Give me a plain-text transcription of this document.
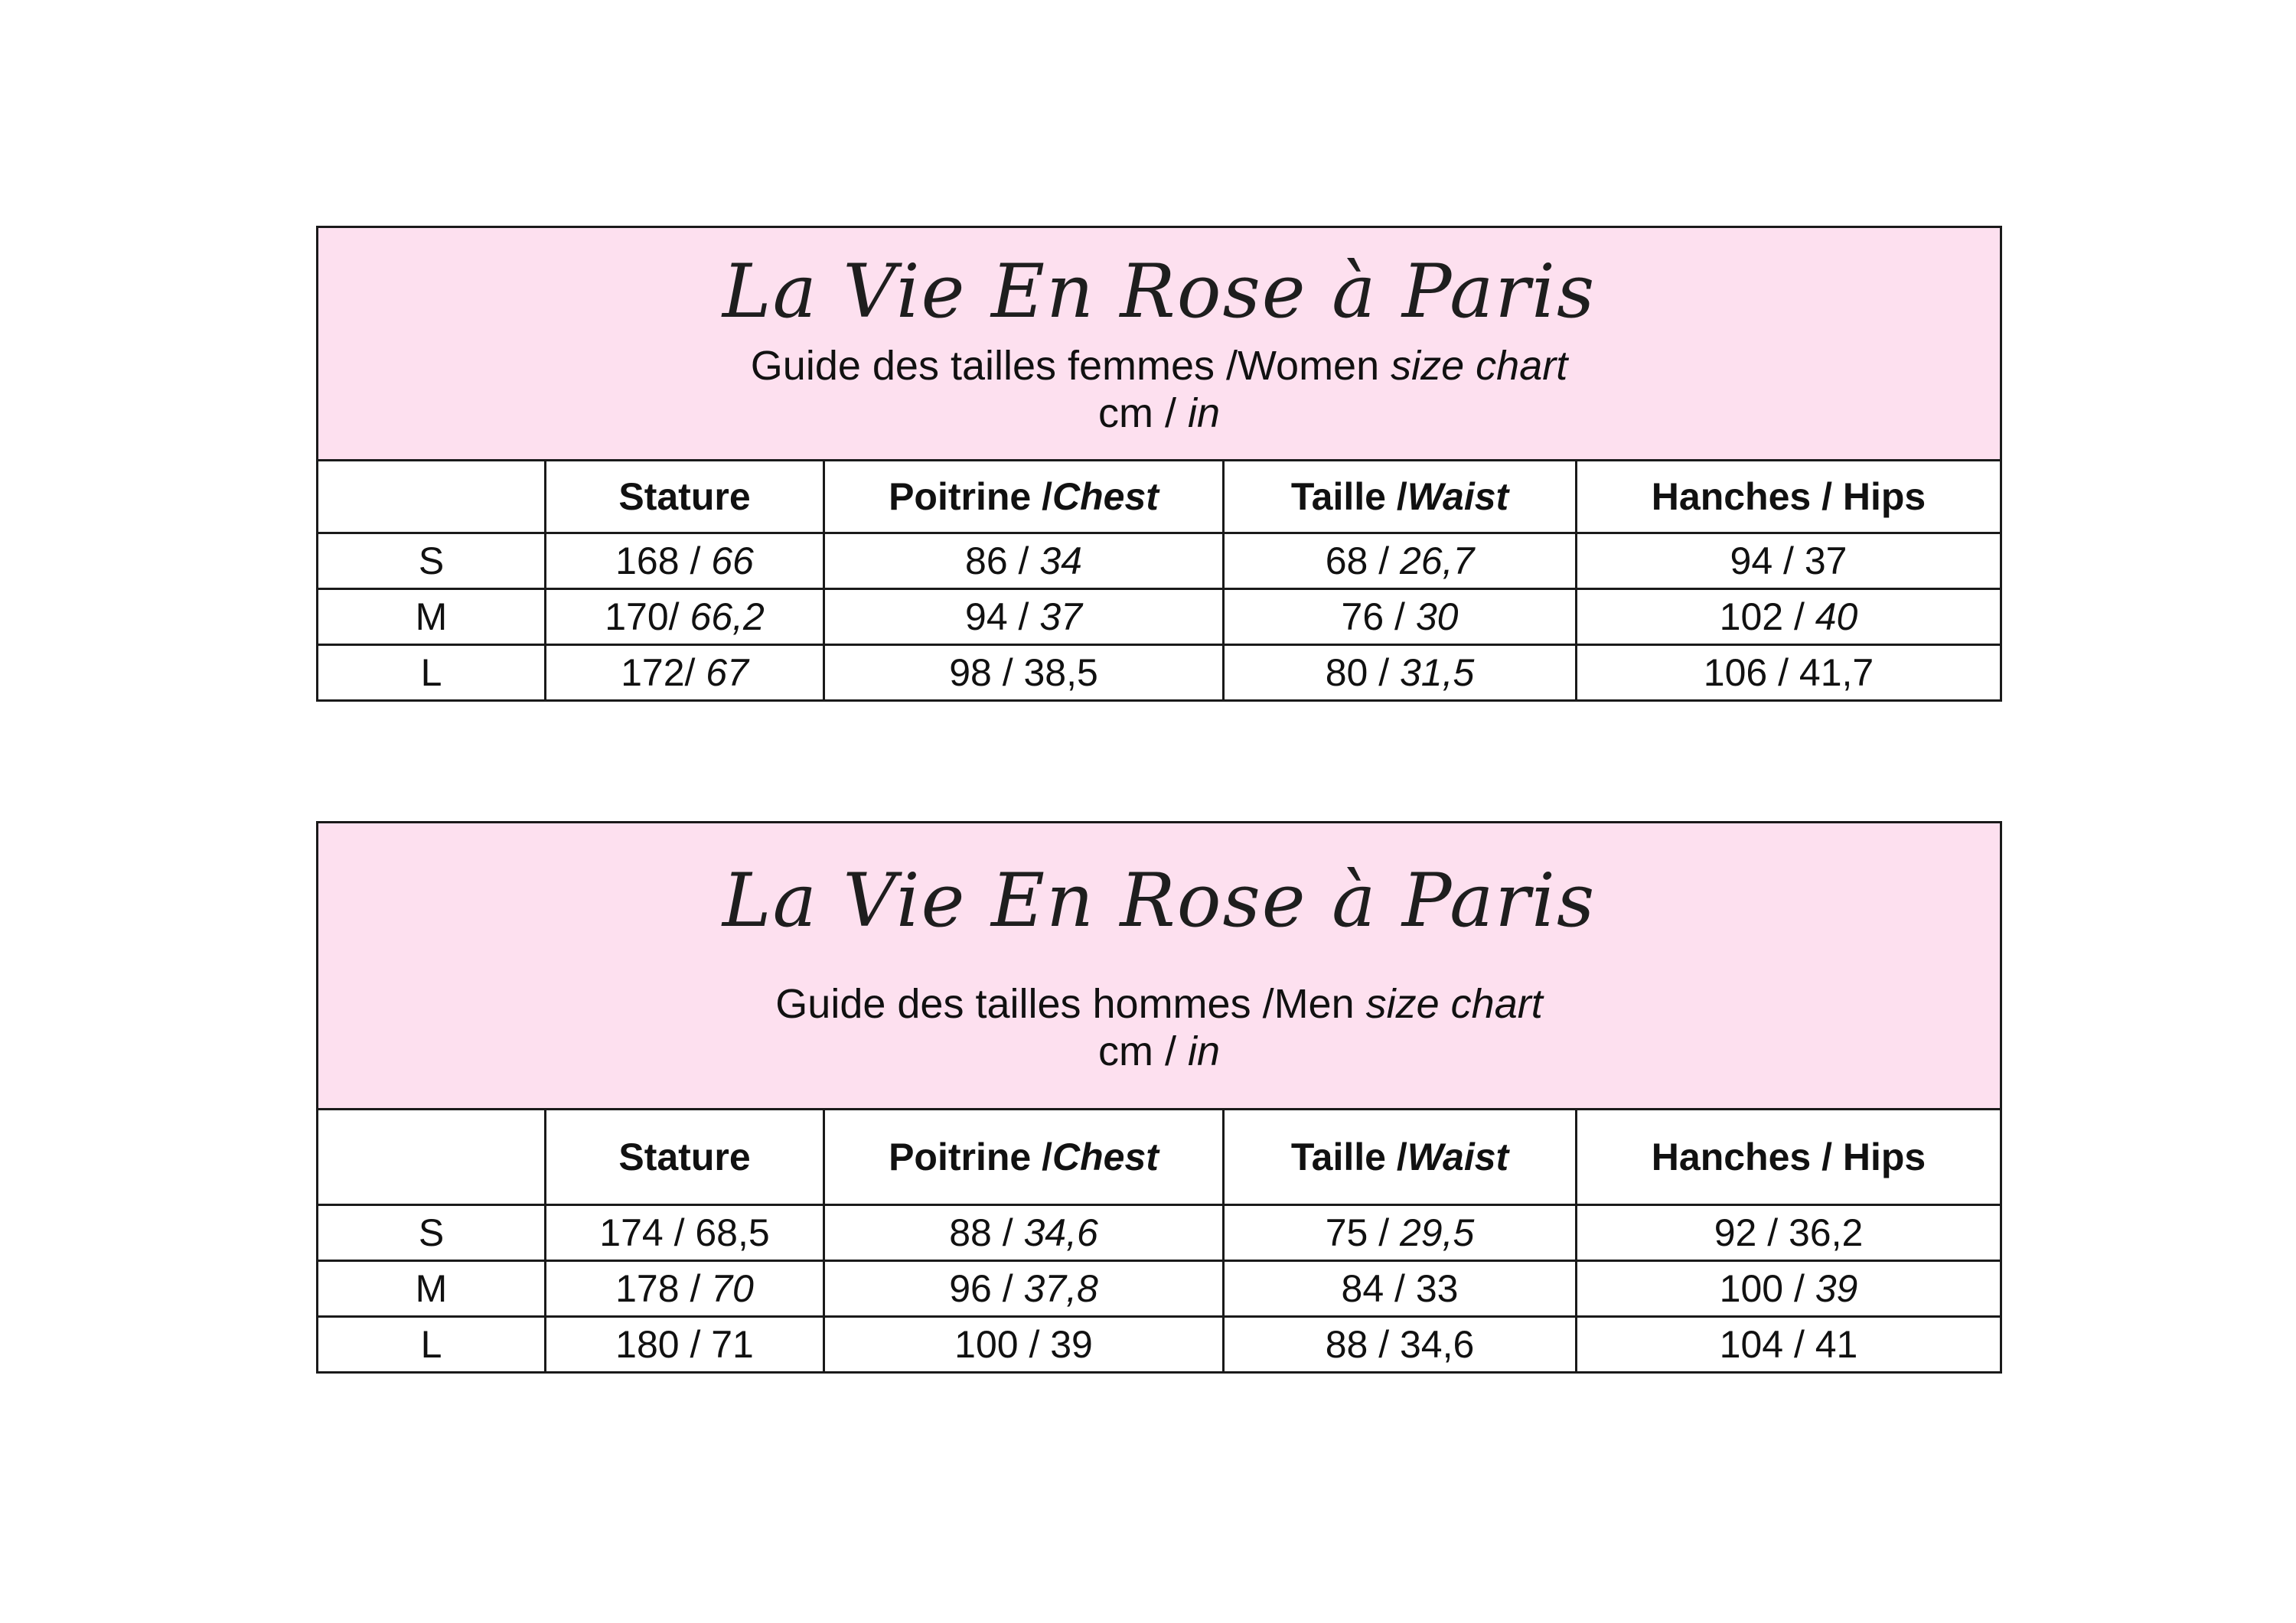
La Vie En Rose à Paris
Guide des tailles femmes /Women size chart
cm / in				

	Stature	Poitrine /Chest	Taille /Waist	Hanches / Hips
S	168 / 66	86 / 34	68 / 26,7	94 / 37
M	170/ 66,2	94 / 37	76 / 30	102 / 40
L	172/ 67	98 / 38,5	80 / 31,5	106 / 41,7
La Vie En Rose à Paris
Guide des tailles hommes /Men size chart
cm / in				

	Stature	Poitrine /Chest	Taille /Waist	Hanches / Hips
S	174 / 68,5	88 / 34,6	75 / 29,5	92 / 36,2
M	178 / 70	96 / 37,8	84 / 33	100 / 39
L	180 / 71	100 / 39	88 / 34,6	104 / 41
